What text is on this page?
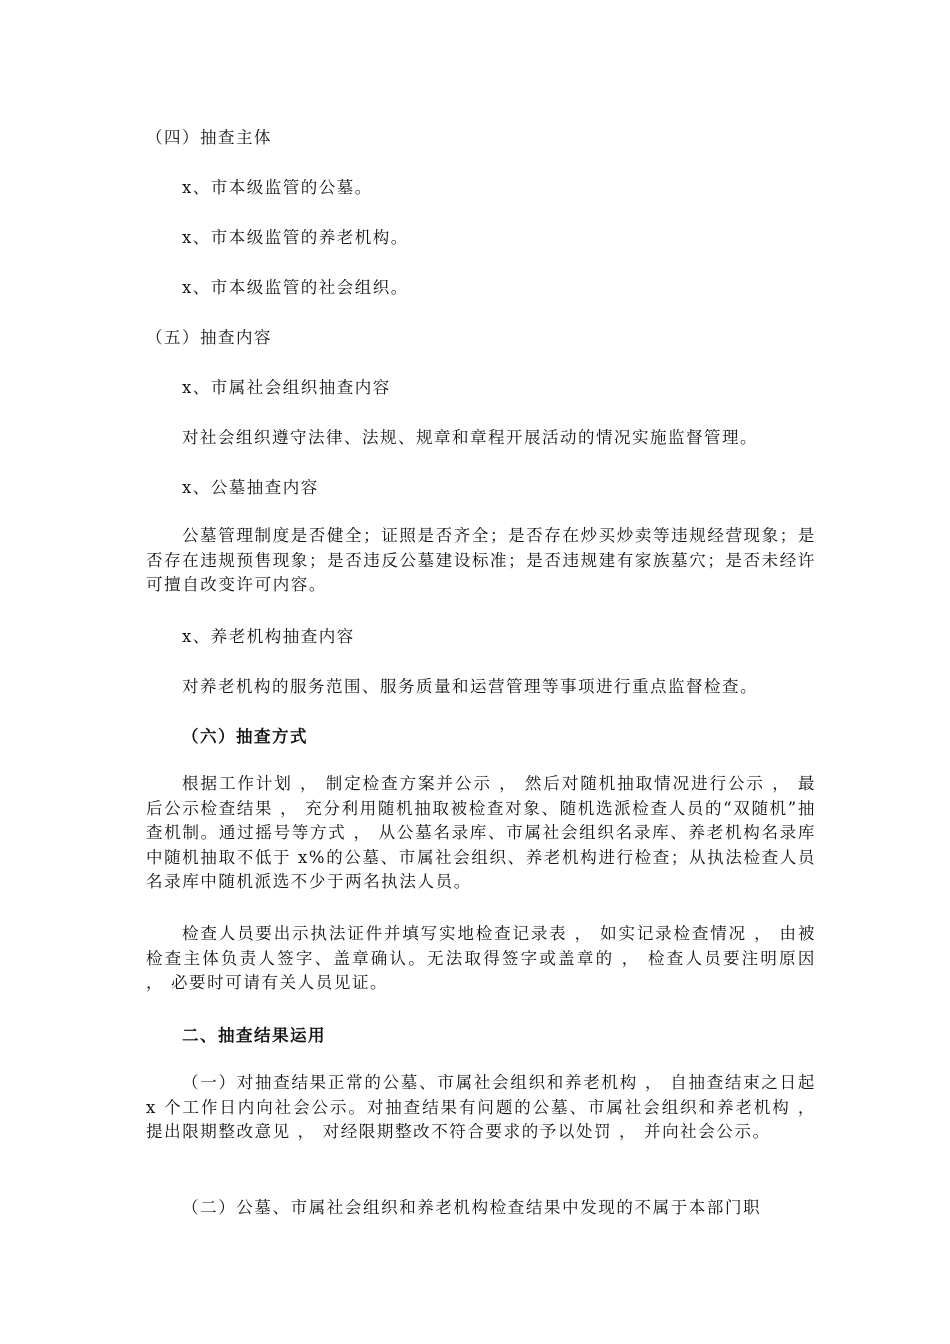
（四）抽查主体
x、市本级监管的公墓。
x、市本级监管的养老机构。
x、市本级监管的社会组织。
（五）抽查内容
x、市属社会组织抽查内容
对社会组织遵守法律、法规、规章和章程开展活动的情况实施监督管理。
x、公墓抽查内容
公墓管理制度是否健全；证照是否齐全；是否存在炒买炒卖等违规经营现象；是否存在违规预售现象；是否违反公墓建设标准；是否违规建有家族墓穴；是否未经许可擅自改变许可内容。
x、养老机构抽查内容
对养老机构的服务范围、服务质量和运营管理等事项进行重点监督检查。
（六）抽查方式
根据工作计划 ， 制定检查方案并公示 ， 然后对随机抽取情况进行公示 ， 最后公示检查结果 ， 充分利用随机抽取被检查对象、随机选派检查人员的“双随机”抽查机制。通过摇号等方式 ， 从公墓名录库、市属社会组织名录库、养老机构名录库中随机抽取不低于 x%的公墓、市属社会组织、养老机构进行检查；从执法检查人员名录库中随机派选不少于两名执法人员。
检查人员要出示执法证件并填写实地检查记录表 ， 如实记录检查情况 ， 由被检查主体负责人签字、盖章确认。无法取得签字或盖章的 ， 检查人员要注明原因 ， 必要时可请有关人员见证。
二、抽查结果运用
（一）对抽查结果正常的公墓、市属社会组织和养老机构 ， 自抽查结束之日起 x 个工作日内向社会公示。对抽查结果有问题的公墓、市属社会组织和养老机构 ， 提出限期整改意见 ， 对经限期整改不符合要求的予以处罚 ， 并向社会公示。
（二）公墓、市属社会组织和养老机构检查结果中发现的不属于本部门职
